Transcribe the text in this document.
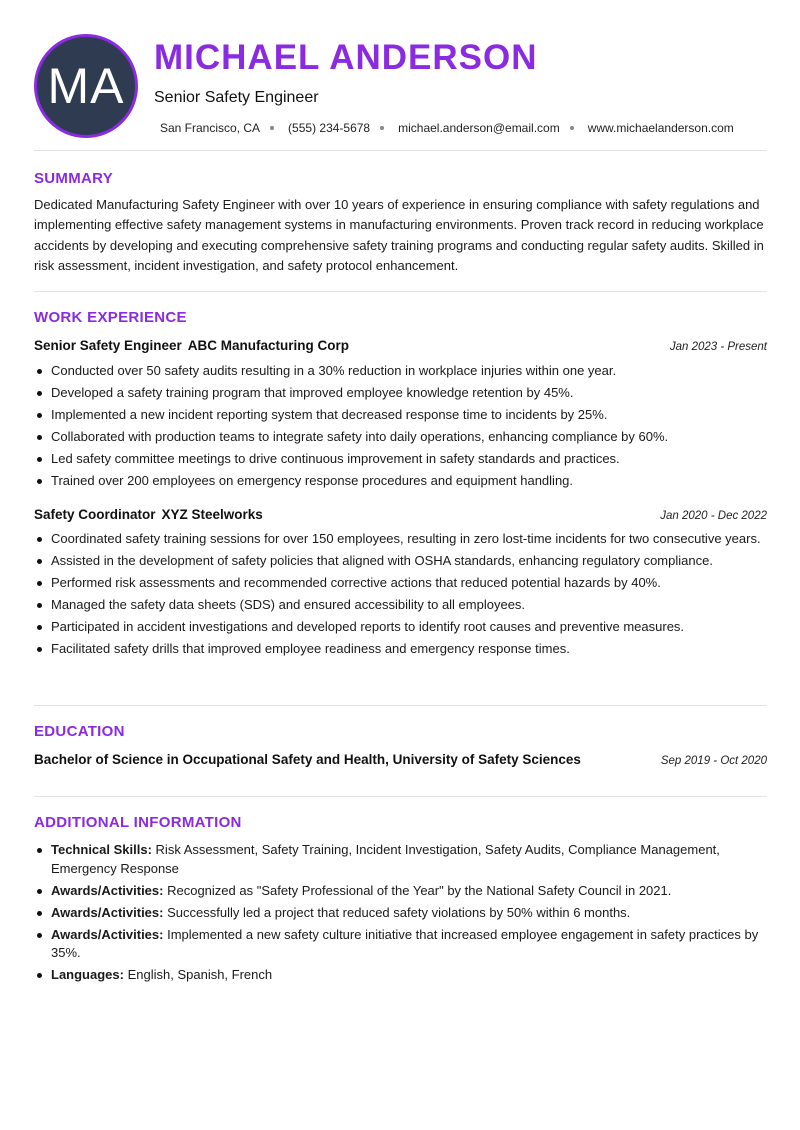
MA
MICHAEL ANDERSON
Senior Safety Engineer
San Francisco, CA (555) 234-5678 michael.anderson@email.com www.michaelanderson.com
SUMMARY
Dedicated Manufacturing Safety Engineer with over 10 years of experience in ensuring compliance with safety regulations and implementing effective safety management systems in manufacturing environments. Proven track record in reducing workplace accidents by developing and executing comprehensive safety training programs and conducting regular safety audits. Skilled in risk assessment, incident investigation, and safety protocol enhancement.
WORK EXPERIENCE
Senior Safety Engineer ABC Manufacturing Corp	Jan 2023 - Present
Conducted over 50 safety audits resulting in a 30% reduction in workplace injuries within one year.
Developed a safety training program that improved employee knowledge retention by 45%.
Implemented a new incident reporting system that decreased response time to incidents by 25%.
Collaborated with production teams to integrate safety into daily operations, enhancing compliance by 60%.
Led safety committee meetings to drive continuous improvement in safety standards and practices.
Trained over 200 employees on emergency response procedures and equipment handling.
Safety Coordinator XYZ Steelworks	Jan 2020 - Dec 2022
Coordinated safety training sessions for over 150 employees, resulting in zero lost-time incidents for two consecutive years.
Assisted in the development of safety policies that aligned with OSHA standards, enhancing regulatory compliance.
Performed risk assessments and recommended corrective actions that reduced potential hazards by 40%.
Managed the safety data sheets (SDS) and ensured accessibility to all employees.
Participated in accident investigations and developed reports to identify root causes and preventive measures.
Facilitated safety drills that improved employee readiness and emergency response times.
EDUCATION
Bachelor of Science in Occupational Safety and Health, University of Safety Sciences	Sep 2019 - Oct 2020
ADDITIONAL INFORMATION
Technical Skills: Risk Assessment, Safety Training, Incident Investigation, Safety Audits, Compliance Management, Emergency Response
Awards/Activities: Recognized as "Safety Professional of the Year" by the National Safety Council in 2021.
Awards/Activities: Successfully led a project that reduced safety violations by 50% within 6 months.
Awards/Activities: Implemented a new safety culture initiative that increased employee engagement in safety practices by 35%.
Languages: English, Spanish, French
